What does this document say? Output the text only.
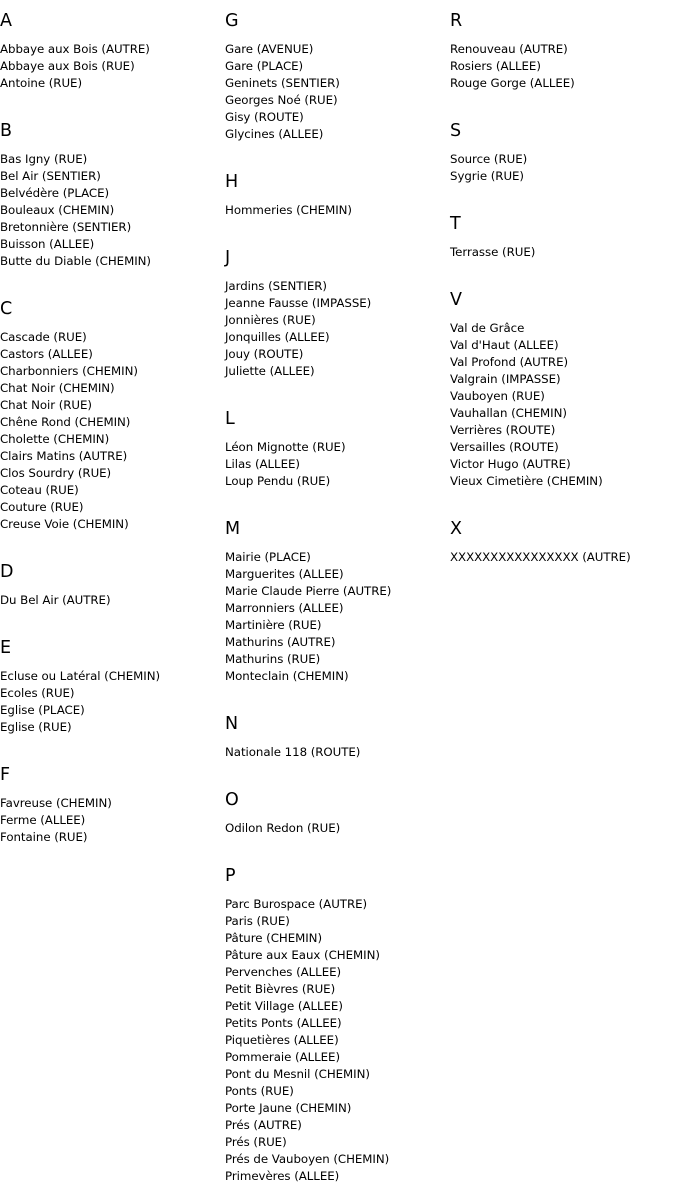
A
Abbaye aux Bois (AUTRE)
Abbaye aux Bois (RUE)
Antoine (RUE)
B
Bas Igny (RUE)
Bel Air (SENTIER)
Belvédère (PLACE)
Bouleaux (CHEMIN)
Bretonnière (SENTIER)
Buisson (ALLEE)
Butte du Diable (CHEMIN)
C
Cascade (RUE)
Castors (ALLEE)
Charbonniers (CHEMIN)
Chat Noir (CHEMIN)
Chat Noir (RUE)
Chêne Rond (CHEMIN)
Cholette (CHEMIN)
Clairs Matins (AUTRE)
Clos Sourdry (RUE)
Coteau (RUE)
Couture (RUE)
Creuse Voie (CHEMIN)
D
Du Bel Air (AUTRE)
E
Ecluse ou Latéral (CHEMIN)
Ecoles (RUE)
Eglise (PLACE)
Eglise (RUE)
F
Favreuse (CHEMIN)
Ferme (ALLEE)
Fontaine (RUE)
G
Gare (AVENUE)
Gare (PLACE)
Geninets (SENTIER)
Georges Noé (RUE)
Gisy (ROUTE)
Glycines (ALLEE)
H
Hommeries (CHEMIN)
J
Jardins (SENTIER)
Jeanne Fausse (IMPASSE)
Jonnières (RUE)
Jonquilles (ALLEE)
Jouy (ROUTE)
Juliette (ALLEE)
L
Léon Mignotte (RUE)
Lilas (ALLEE)
Loup Pendu (RUE)
M
Mairie (PLACE)
Marguerites (ALLEE)
Marie Claude Pierre (AUTRE)
Marronniers (ALLEE)
Martinière (RUE)
Mathurins (AUTRE)
Mathurins (RUE)
Monteclain (CHEMIN)
N
Nationale 118 (ROUTE)
O
Odilon Redon (RUE)
P
Parc Burospace (AUTRE)
Paris (RUE)
Pâture (CHEMIN)
Pâture aux Eaux (CHEMIN)
Pervenches (ALLEE)
Petit Bièvres (RUE)
Petit Village (ALLEE)
Petits Ponts (ALLEE)
Piquetières (ALLEE)
Pommeraie (ALLEE)
Pont du Mesnil (CHEMIN)
Ponts (RUE)
Porte Jaune (CHEMIN)
Prés (AUTRE)
Prés (RUE)
Prés de Vauboyen (CHEMIN)
Primevères (ALLEE)
R
Renouveau (AUTRE)
Rosiers (ALLEE)
Rouge Gorge (ALLEE)
S
Source (RUE)
Sygrie (RUE)
T
Terrasse (RUE)
V
Val de Grâce
Val d'Haut (ALLEE)
Val Profond (AUTRE)
Valgrain (IMPASSE)
Vauboyen (RUE)
Vauhallan (CHEMIN)
Verrières (ROUTE)
Versailles (ROUTE)
Victor Hugo (AUTRE)
Vieux Cimetière (CHEMIN)
X
XXXXXXXXXXXXXXXX (AUTRE)
